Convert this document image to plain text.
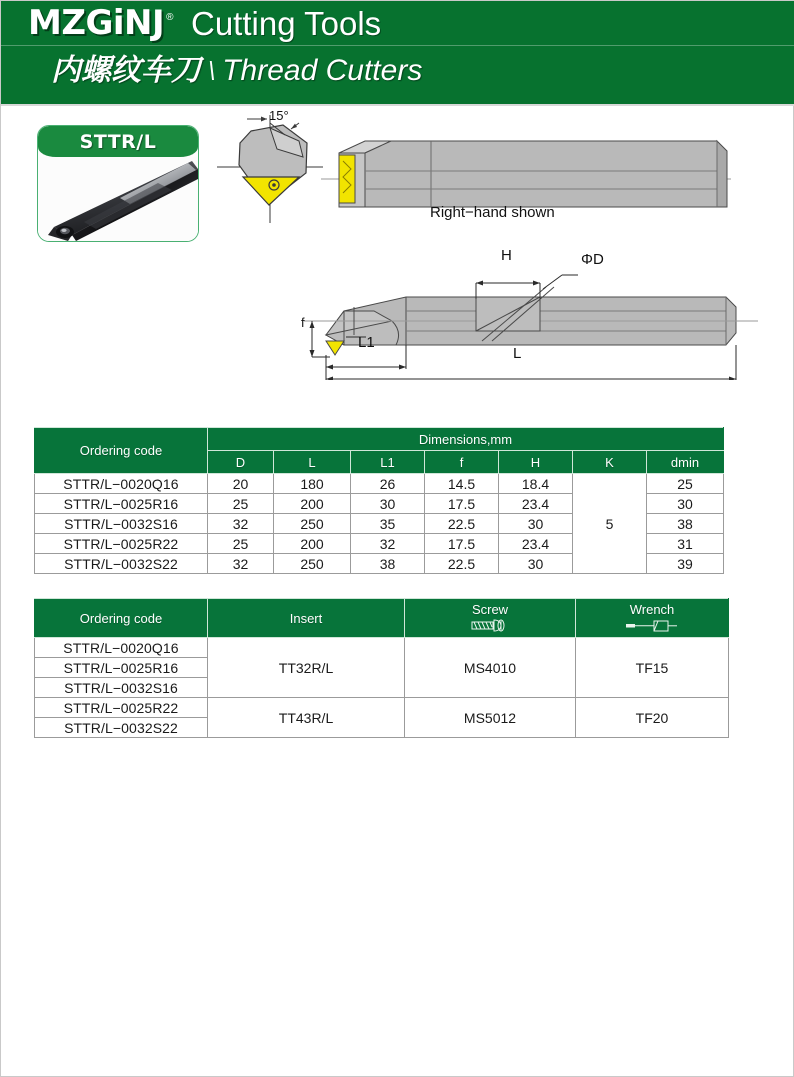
MZGiNJ ® Cutting Tools
内螺纹车刀 \ Thread Cutters
STTR/L
15°
Right−hand shown
H	ΦD
f
L1
L
Ordering code	Dimensions,mm						
	D	L	L1	f	H	K	dmin
STTR/L−0020Q16	20	180	26	14.5	18.4	5	25
STTR/L−0025R16	25	200	30	17.5	23.4		30
STTR/L−0032S16	32	250	35	22.5	30		38
STTR/L−0025R22	25	200	32	17.5	23.4		31
STTR/L−0032S22	32	250	38	22.5	30		39
Ordering code	Insert	Screw	Wrench

STTR/L−0020Q16	TT32R/L	MS4010	TF15
STTR/L−0025R16			
STTR/L−0032S16			
STTR/L−0025R22	TT43R/L	MS5012	TF20
STTR/L−0032S22			
